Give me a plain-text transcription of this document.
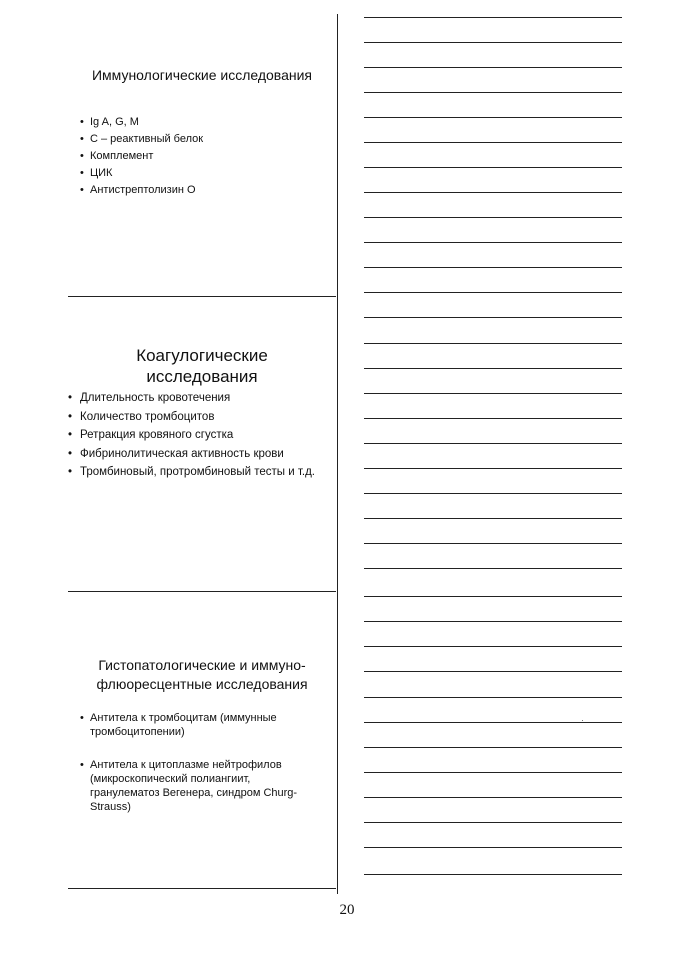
Иммунологические исследования
• Ig A, G, M
• С – реактивный белок
• Комплемент
• ЦИК
• Антистрептолизин О
Коагулогические
исследования
• Длительность кровотечения
• Количество тромбоцитов
• Ретракция кровяного сгустка
• Фибринолитическая активность крови
• Тромбиновый, протромбиновый тесты и т.д.
Гистопатологические и иммуно-
флюоресцентные исследования
• Антитела к тромбоцитам (иммунные тромбоцитопении)
• Антитела к цитоплазме нейтрофилов (микроскопический полиангиит, гранулематоз Вегенера, синдром Churg-Strauss)
20
